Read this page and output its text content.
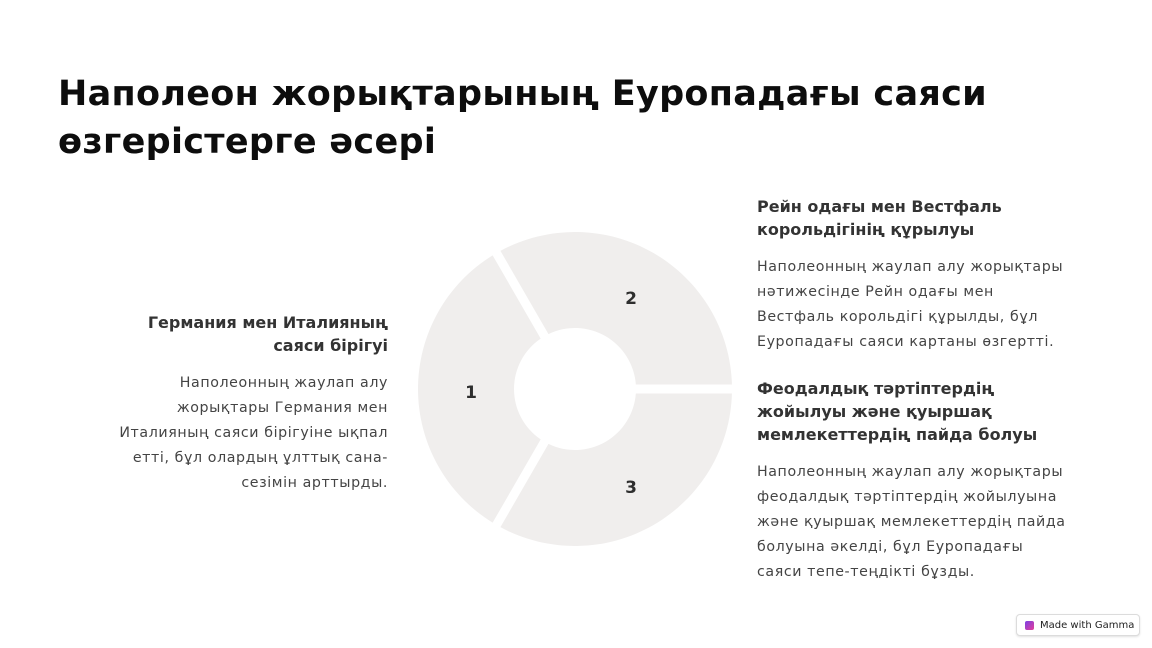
Наполеон жорықтарының Еуропадағы саяси
өзгерістерге әсері
1
2
3
Германия мен Италияның
саяси бірігуі

Наполеонның жаулап алу
жорықтары Германия мен
Италияның саяси бірігуіне ықпал
етті, бұл олардың ұлттық сана-
сезімін арттырды.

Рейн одағы мен Вестфаль
корольдігінің құрылуы

Наполеонның жаулап алу жорықтары
нәтижесінде Рейн одағы мен
Вестфаль корольдігі құрылды, бұл
Еуропадағы саяси картаны өзгертті.

Феодалдық тәртіптердің
жойылуы және қуыршақ
мемлекеттердің пайда болуы

Наполеонның жаулап алу жорықтары
феодалдық тәртіптердің жойылуына
және қуыршақ мемлекеттердің пайда
болуына әкелді, бұл Еуропадағы
саяси тепе-теңдікті бұзды.

Made with Gamma
